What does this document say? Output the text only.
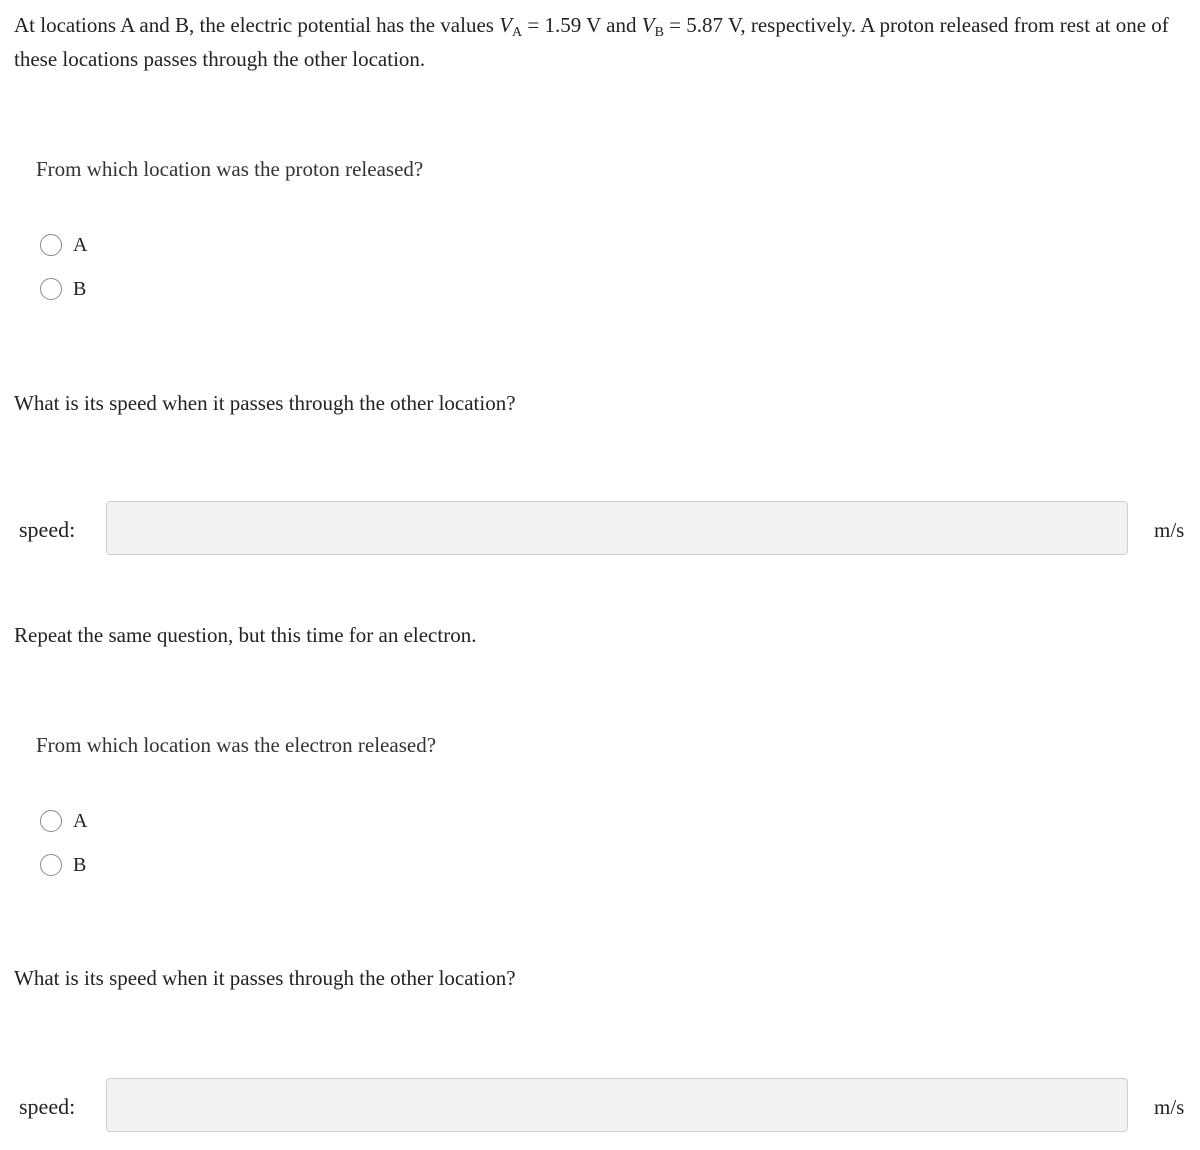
At locations A and B, the electric potential has the values $V_A = 1.59$ V and $V_B = 5.87$ V, respectively. A proton released from rest at one of these locations passes through the other location.
From which location was the proton released?
A
B
What is its speed when it passes through the other location?
speed:	m/s
Repeat the same question, but this time for an electron.
From which location was the electron released?
A
B
What is its speed when it passes through the other location?
speed:	m/s
